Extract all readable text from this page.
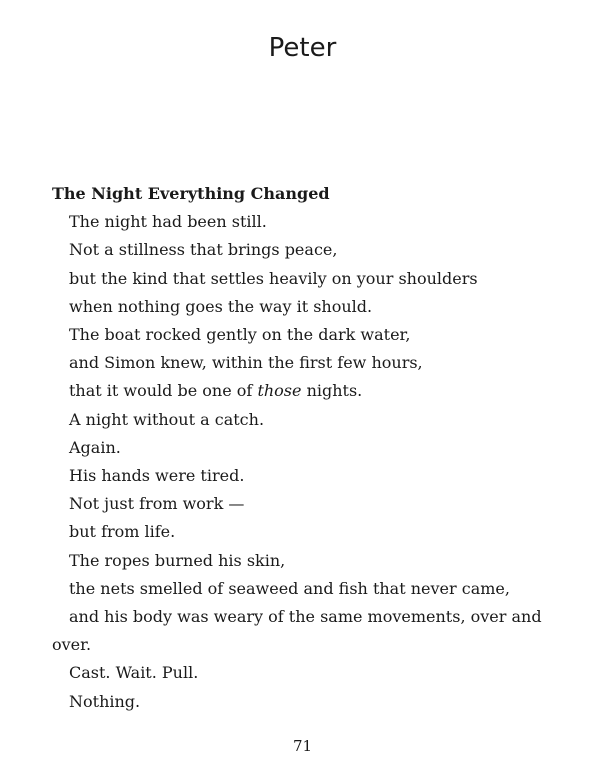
Peter

The Night Everything Changed

The night had been still.

Not a stillness that brings peace,

but the kind that settles heavily on your shoulders

when nothing goes the way it should.

The boat rocked gently on the dark water,

and Simon knew, within the first few hours,

that it would be one of those nights.

A night without a catch.

Again.

His hands were tired.

Not just from work —

but from life.

The ropes burned his skin,

the nets smelled of seaweed and fish that never came,

and his body was weary of the same movements, over and over.

Cast. Wait. Pull.

Nothing.

71
